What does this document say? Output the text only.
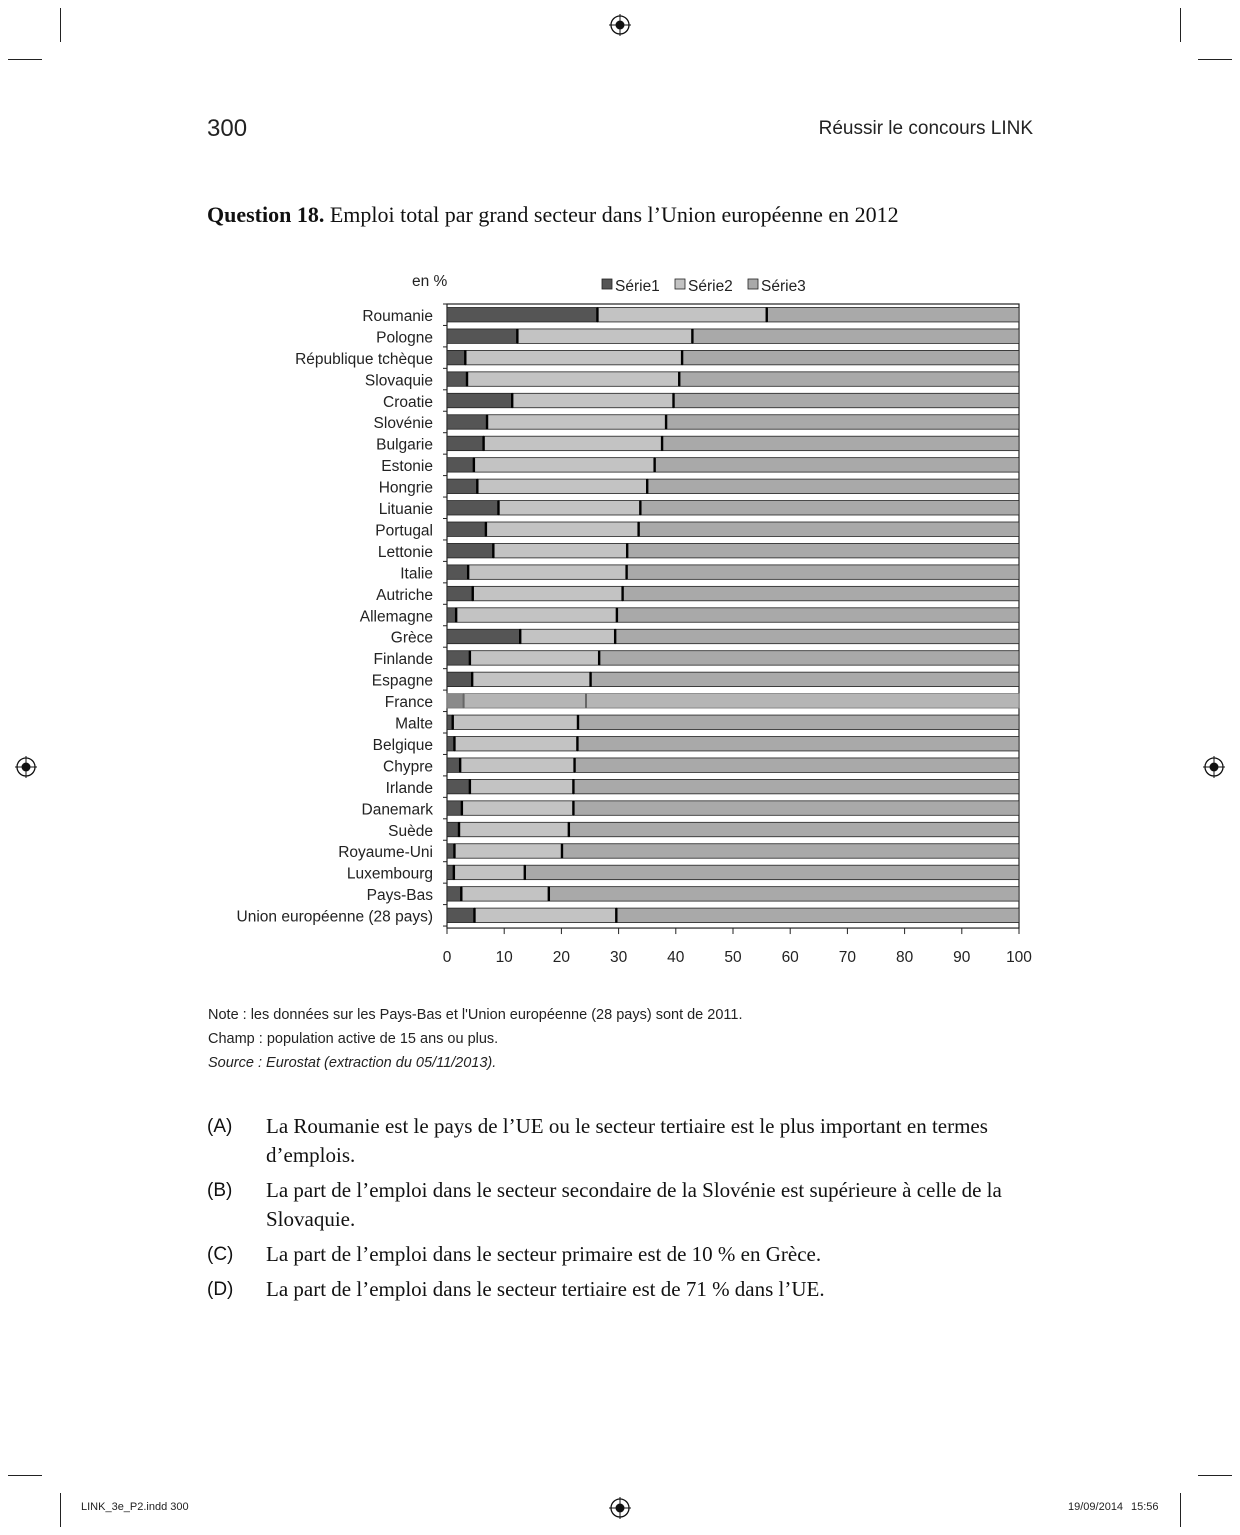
300	Réussir le concours LINK
Question 18. Emploi total par grand secteur dans l’Union européenne en 2012
Roumanie
Pologne
République tchèque
Slovaquie
Croatie
Slovénie
Bulgarie
Estonie
Hongrie
Lituanie
Portugal
Lettonie
Italie
Autriche
Allemagne
Grèce
Finlande
Espagne
France
Malte
Belgique
Chypre
Irlande
Danemark
Suède
Royaume-Uni
Luxembourg
Pays-Bas
Union européenne (28 pays)
0	10	20	30	40	50	60	70	80	90 100
en %	Série1 Série2 Série3
Note : les données sur les Pays-Bas et l'Union européenne (28 pays) sont de 2011.
Champ : population active de 15 ans ou plus.
Source : Eurostat (extraction du 05/11/2013).
(A) La Roumanie est le pays de l’UE ou le secteur tertiaire est le plus important en termes d’emplois.
(B) La part de l’emploi dans le secteur secondaire de la Slovénie est supérieure à celle de la Slovaquie.
(C) La part de l’emploi dans le secteur primaire est de 10 % en Grèce.
(D) La part de l’emploi dans le secteur tertiaire est de 71 % dans l’UE.
LINK_3e_P2.indd 300	19/09/2014 15:56
